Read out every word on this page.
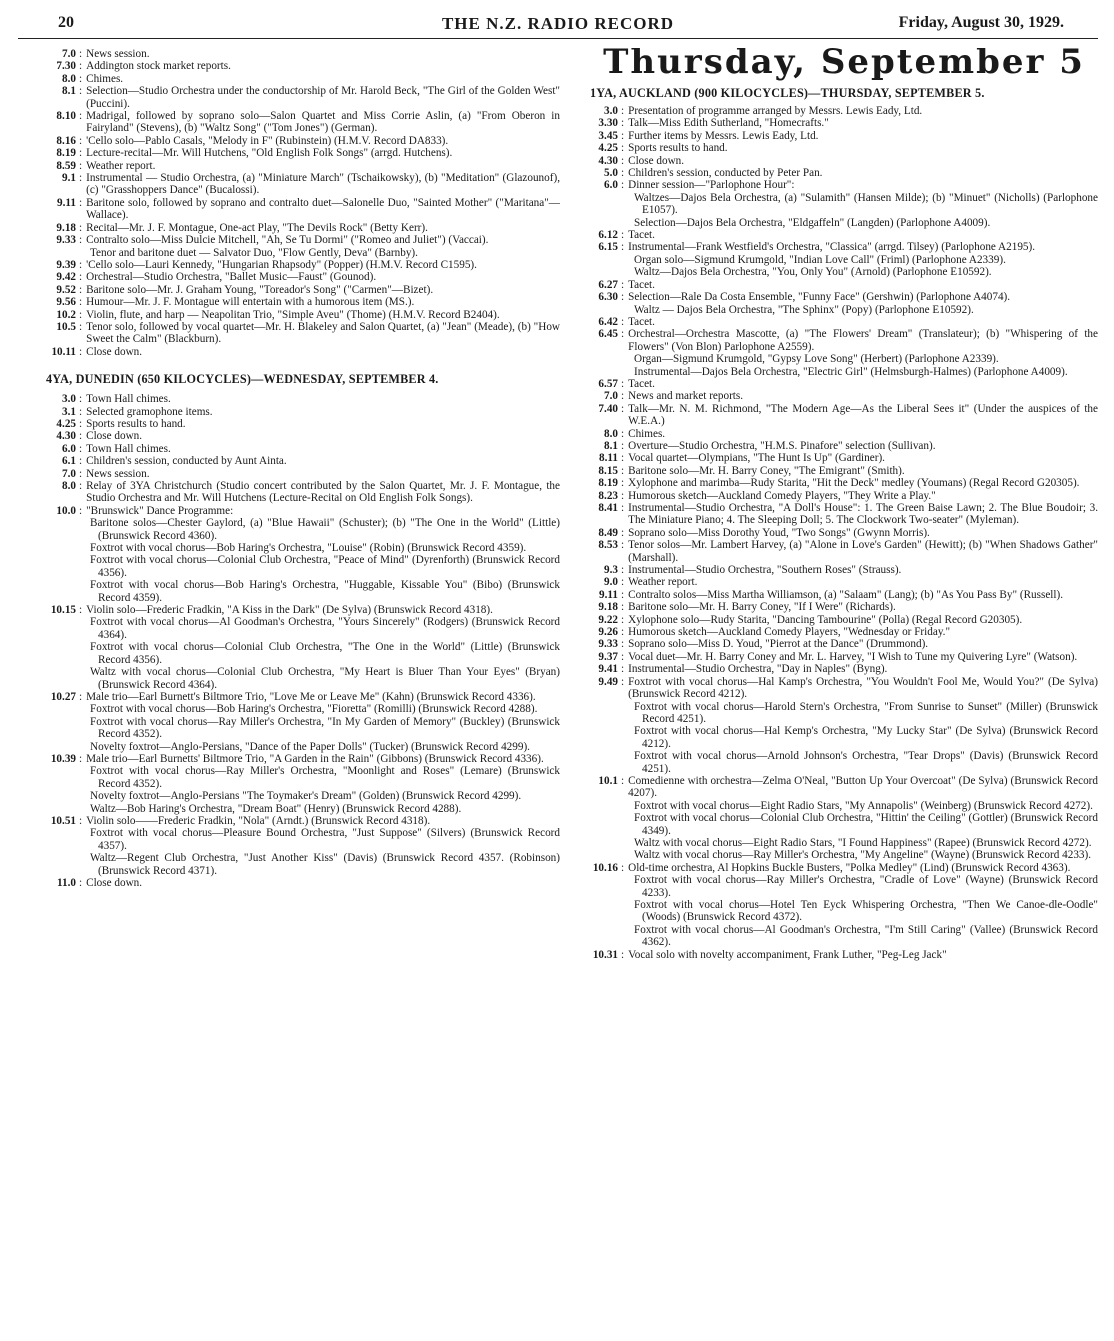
20	THE N.Z. RADIO RECORD	Friday, August 30, 1929.
7.0 : News session.
7.30 : Addington stock market reports.
8.0 : Chimes.
8.1 : Selection—Studio Orchestra under the conductorship of Mr. Harold Beck, "The Girl of the Golden West" (Puccini).
8.10 : Madrigal, followed by soprano solo—Salon Quartet and Miss Corrie Aslin, (a) "From Oberon in Fairyland" (Stevens), (b) "Waltz Song" ("Tom Jones") (German).
8.16 : 'Cello solo—Pablo Casals, "Melody in F" (Rubinstein) (H.M.V. Record DA833).
8.19 : Lecture-recital—Mr. Will Hutchens, "Old English Folk Songs" (arrgd. Hutchens).
8.59 : Weather report.
9.1 : Instrumental — Studio Orchestra, (a) "Miniature March" (Tschaikowsky), (b) "Meditation" (Glazounof), (c) "Grasshoppers Dance" (Bucalossi).
9.11 : Baritone solo, followed by soprano and contralto duet—Salonelle Duo, "Sainted Mother" ("Maritana"—Wallace).
9.18 : Recital—Mr. J. F. Montague, One-act Play, "The Devils Rock" (Betty Kerr).
9.33 : Contralto solo—Miss Dulcie Mitchell, "Ah, Se Tu Dormi" ("Romeo and Juliet") (Vaccai).
Tenor and baritone duet — Salvator Duo, "Flow Gently, Deva" (Barnby).
9.39 : 'Cello solo—Lauri Kennedy, "Hungarian Rhapsody" (Popper) (H.M.V. Record C1595).
9.42 : Orchestral—Studio Orchestra, "Ballet Music—Faust" (Gounod).
9.52 : Baritone solo—Mr. J. Graham Young, "Toreador's Song" ("Carmen"—Bizet).
9.56 : Humour—Mr. J. F. Montague will entertain with a humorous item (MS.).
10.2 : Violin, flute, and harp — Neapolitan Trio, "Simple Aveu" (Thome) (H.M.V. Record B2404).
10.5 : Tenor solo, followed by vocal quartet—Mr. H. Blakeley and Salon Quartet, (a) "Jean" (Meade), (b) "How Sweet the Calm" (Blackburn).
10.11 : Close down.
4YA, DUNEDIN (650 KILOCYCLES)—WEDNESDAY, SEPTEMBER 4.
3.0 : Town Hall chimes.
3.1 : Selected gramophone items.
4.25 : Sports results to hand.
4.30 : Close down.
6.0 : Town Hall chimes.
6.1 : Children's session, conducted by Aunt Ainta.
7.0 : News session.
8.0 : Relay of 3YA Christchurch (Studio concert contributed by the Salon Quartet, Mr. J. F. Montague, the Studio Orchestra and Mr. Will Hutchens (Lecture-Recital on Old English Folk Songs).
10.0 : "Brunswick" Dance Programme:
Baritone solos—Chester Gaylord, (a) "Blue Hawaii" (Schuster); (b) "The One in the World" (Little) (Brunswick Record 4360).
Foxtrot with vocal chorus—Bob Haring's Orchestra, "Louise" (Robin) (Brunswick Record 4359).
Foxtrot with vocal chorus—Colonial Club Orchestra, "Peace of Mind" (Dyrenforth) (Brunswick Record 4356).
Foxtrot with vocal chorus—Bob Haring's Orchestra, "Huggable, Kissable You" (Bibo) (Brunswick Record 4359).
10.15 : Violin solo—Frederic Fradkin, "A Kiss in the Dark" (De Sylva) (Brunswick Record 4318).
Foxtrot with vocal chorus—Al Goodman's Orchestra, "Yours Sincerely" (Rodgers) (Brunswick Record 4364).
Foxtrot with vocal chorus—Colonial Club Orchestra, "The One in the World" (Little) (Brunswick Record 4356).
Waltz with vocal chorus—Colonial Club Orchestra, "My Heart is Bluer Than Your Eyes" (Bryan) (Brunswick Record 4364).
10.27 : Male trio—Earl Burnett's Biltmore Trio, "Love Me or Leave Me" (Kahn) (Brunswick Record 4336).
Foxtrot with vocal chorus—Bob Haring's Orchestra, "Fioretta" (Romilli) (Brunswick Record 4288).
Foxtrot with vocal chorus—Ray Miller's Orchestra, "In My Garden of Memory" (Buckley) (Brunswick Record 4352).
Novelty foxtrot—Anglo-Persians, "Dance of the Paper Dolls" (Tucker) (Brunswick Record 4299).
10.39 : Male trio—Earl Burnetts' Biltmore Trio, "A Garden in the Rain" (Gibbons) (Brunswick Record 4336).
Foxtrot with vocal chorus—Ray Miller's Orchestra, "Moonlight and Roses" (Lemare) (Brunswick Record 4352).
Novelty foxtrot—Anglo-Persians "The Toymaker's Dream" (Golden) (Brunswick Record 4299).
Waltz—Bob Haring's Orchestra, "Dream Boat" (Henry) (Brunswick Record 4288).
10.51 : Violin solo——Frederic Fradkin, "Nola" (Arndt.) (Brunswick Record 4318).
Foxtrot with vocal chorus—Pleasure Bound Orchestra, "Just Suppose" (Silvers) (Brunswick Record 4357).
Waltz—Regent Club Orchestra, "Just Another Kiss" (Davis) (Brunswick Record 4357. (Robinson) (Brunswick Record 4371).
11.0 : Close down.
Thursday, September 5
1YA, AUCKLAND (900 KILOCYCLES)—THURSDAY, SEPTEMBER 5.
3.0 : Presentation of programme arranged by Messrs. Lewis Eady, Ltd.
3.30 : Talk—Miss Edith Sutherland, "Homecrafts."
3.45 : Further items by Messrs. Lewis Eady, Ltd.
4.25 : Sports results to hand.
4.30 : Close down.
5.0 : Children's session, conducted by Peter Pan.
6.0 : Dinner session—"Parlophone Hour":
Waltzes—Dajos Bela Orchestra, (a) "Sulamith" (Hansen Milde); (b) "Minuet" (Nicholls) (Parlophone E1057).
Selection—Dajos Bela Orchestra, "Eldgaffeln" (Langden) (Parlophone A4009).
6.12 : Tacet.
6.15 : Instrumental—Frank Westfield's Orchestra, "Classica" (arrgd. Tilsey) (Parlophone A2195).
Organ solo—Sigmund Krumgold, "Indian Love Call" (Friml) (Parlophone A2339).
Waltz—Dajos Bela Orchestra, "You, Only You" (Arnold) (Parlophone E10592).
6.27 : Tacet.
6.30 : Selection—Rale Da Costa Ensemble, "Funny Face" (Gershwin) (Parlophone A4074).
Waltz — Dajos Bela Orchestra, "The Sphinx" (Popy) (Parlophone E10592).
6.42 : Tacet.
6.45 : Orchestral—Orchestra Mascotte, (a) "The Flowers' Dream" (Translateur); (b) "Whispering of the Flowers" (Von Blon) Parlophone A2559).
Organ—Sigmund Krumgold, "Gypsy Love Song" (Herbert) (Parlophone A2339).
Instrumental—Dajos Bela Orchestra, "Electric Girl" (Helmsburgh-Halmes) (Parlophone A4009).
6.57 : Tacet.
7.0 : News and market reports.
7.40 : Talk—Mr. N. M. Richmond, "The Modern Age—As the Liberal Sees it" (Under the auspices of the W.E.A.)
8.0 : Chimes.
8.1 : Overture—Studio Orchestra, "H.M.S. Pinafore" selection (Sullivan).
8.11 : Vocal quartet—Olympians, "The Hunt Is Up" (Gardiner).
8.15 : Baritone solo—Mr. H. Barry Coney, "The Emigrant" (Smith).
8.19 : Xylophone and marimba—Rudy Starita, "Hit the Deck" medley (Youmans) (Regal Record G20305).
8.23 : Humorous sketch—Auckland Comedy Players, "They Write a Play."
8.41 : Instrumental—Studio Orchestra, "A Doll's House": 1. The Green Baise Lawn; 2. The Blue Boudoir; 3. The Miniature Piano; 4. The Sleeping Doll; 5. The Clockwork Two-seater" (Myleman).
8.49 : Soprano solo—Miss Dorothy Youd, "Two Songs" (Gwynn Morris).
8.53 : Tenor solos—Mr. Lambert Harvey, (a) "Alone in Love's Garden" (Hewitt); (b) "When Shadows Gather" (Marshall).
9.3 : Instrumental—Studio Orchestra, "Southern Roses" (Strauss).
9.0 : Weather report.
9.11 : Contralto solos—Miss Martha Williamson, (a) "Salaam" (Lang); (b) "As You Pass By" (Russell).
9.18 : Baritone solo—Mr. H. Barry Coney, "If I Were" (Richards).
9.22 : Xylophone solo—Rudy Starita, "Dancing Tambourine" (Polla) (Regal Record G20305).
9.26 : Humorous sketch—Auckland Comedy Players, "Wednesday or Friday."
9.33 : Soprano solo—Miss D. Youd, "Pierrot at the Dance" (Drummond).
9.37 : Vocal duet—Mr. H. Barry Coney and Mr. L. Harvey, "I Wish to Tune my Quivering Lyre" (Watson).
9.41 : Instrumental—Studio Orchestra, "Day in Naples" (Byng).
9.49 : Foxtrot with vocal chorus—Hal Kamp's Orchestra, "You Wouldn't Fool Me, Would You?" (De Sylva) (Brunswick Record 4212).
Foxtrot with vocal chorus—Harold Stern's Orchestra, "From Sunrise to Sunset" (Miller) (Brunswick Record 4251).
Foxtrot with vocal chorus—Hal Kemp's Orchestra, "My Lucky Star" (De Sylva) (Brunswick Record 4212).
Foxtrot with vocal chorus—Arnold Johnson's Orchestra, "Tear Drops" (Davis) (Brunswick Record 4251).
10.1 : Comedienne with orchestra—Zelma O'Neal, "Button Up Your Overcoat" (De Sylva) (Brunswick Record 4207).
Foxtrot with vocal chorus—Eight Radio Stars, "My Annapolis" (Weinberg) (Brunswick Record 4272).
Foxtrot with vocal chorus—Colonial Club Orchestra, "Hittin' the Ceiling" (Gottler) (Brunswick Record 4349).
Waltz with vocal chorus—Eight Radio Stars, "I Found Happiness" (Rapee) (Brunswick Record 4272).
Waltz with vocal chorus—Ray Miller's Orchestra, "My Angeline" (Wayne) (Brunswick Record 4233).
10.16 : Old-time orchestra, Al Hopkins Buckle Busters, "Polka Medley" (Lind) (Brunswick Record 4363).
Foxtrot with vocal chorus—Ray Miller's Orchestra, "Cradle of Love" (Wayne) (Brunswick Record 4233).
Foxtrot with vocal chorus—Hotel Ten Eyck Whispering Orchestra, "Then We Canoe-dle-Oodle" (Woods) (Brunswick Record 4372).
Foxtrot with vocal chorus—Al Goodman's Orchestra, "I'm Still Caring" (Vallee) (Brunswick Record 4362).
10.31 : Vocal solo with novelty accompaniment, Frank Luther, "Peg-Leg Jack"
